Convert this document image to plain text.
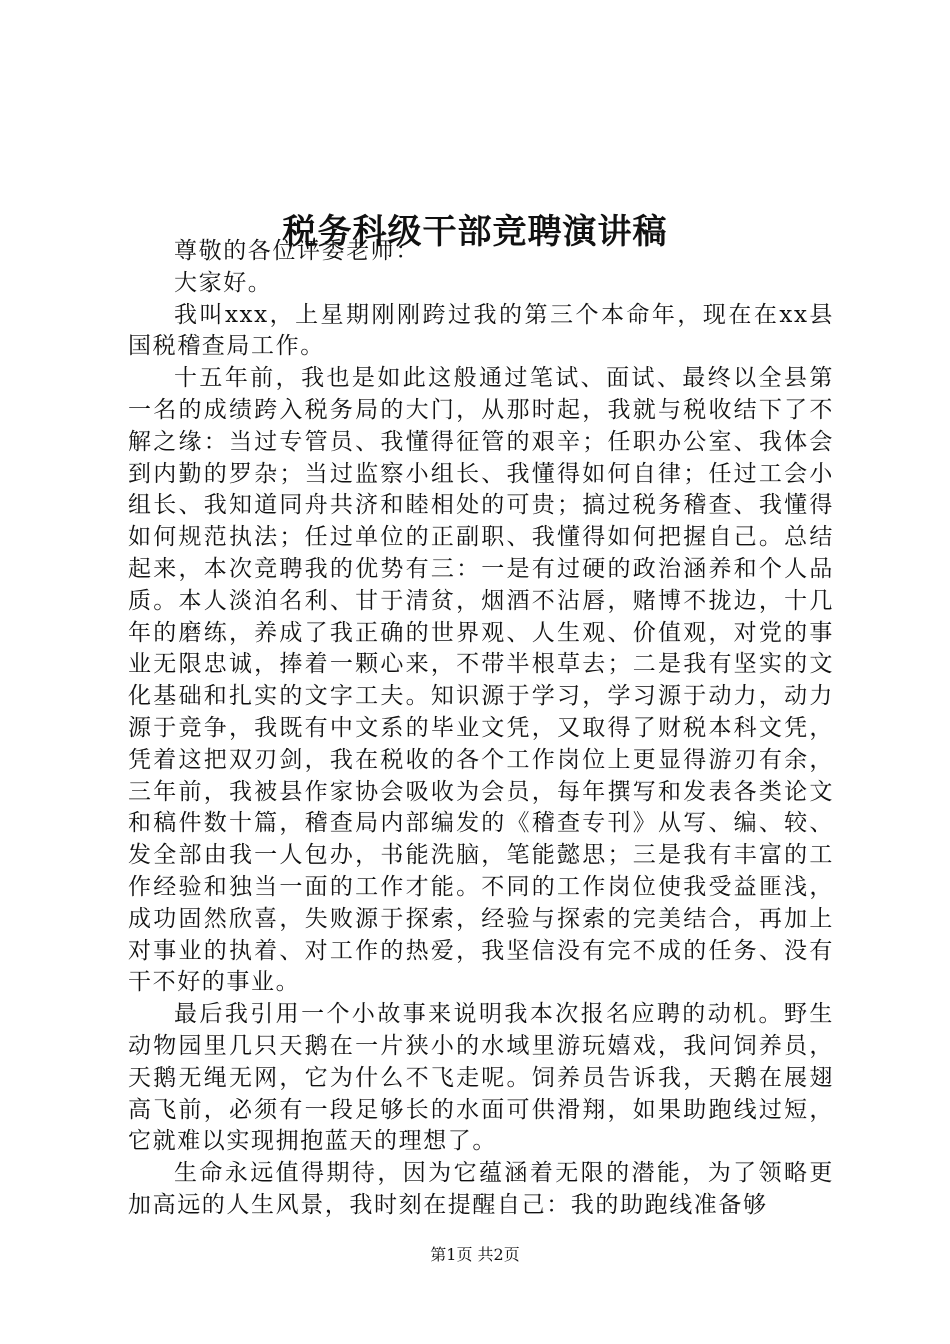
税务科级干部竞聘演讲稿

尊敬的各位评委老师：

大家好。

我叫xxx，上星期刚刚跨过我的第三个本命年，现在在xx县国税稽查局工作。

十五年前，我也是如此这般通过笔试、面试、最终以全县第一名的成绩跨入税务局的大门，从那时起，我就与税收结下了不解之缘：当过专管员、我懂得征管的艰辛；任职办公室、我体会到内勤的罗杂；当过监察小组长、我懂得如何自律；任过工会小组长、我知道同舟共济和睦相处的可贵；搞过税务稽查、我懂得如何规范执法；任过单位的正副职、我懂得如何把握自己。总结起来，本次竞聘我的优势有三：一是有过硬的政治涵养和个人品质。本人淡泊名利、甘于清贫，烟酒不沾唇，赌博不拢边，十几年的磨练，养成了我正确的世界观、人生观、价值观，对党的事业无限忠诚，捧着一颗心来，不带半根草去；二是我有坚实的文化基础和扎实的文字工夫。知识源于学习，学习源于动力，动力源于竞争，我既有中文系的毕业文凭，又取得了财税本科文凭，凭着这把双刃剑，我在税收的各个工作岗位上更显得游刃有余，三年前，我被县作家协会吸收为会员，每年撰写和发表各类论文和稿件数十篇，稽查局内部编发的《稽查专刊》从写、编、较、发全部由我一人包办，书能洗脑，笔能懿思；三是我有丰富的工作经验和独当一面的工作才能。不同的工作岗位使我受益匪浅，成功固然欣喜，失败源于探索，经验与探索的完美结合，再加上对事业的执着、对工作的热爱，我坚信没有完不成的任务、没有干不好的事业。

最后我引用一个小故事来说明我本次报名应聘的动机。野生动物园里几只天鹅在一片狭小的水域里游玩嬉戏，我问饲养员，天鹅无绳无网，它为什么不飞走呢。饲养员告诉我，天鹅在展翅高飞前，必须有一段足够长的水面可供滑翔，如果助跑线过短，它就难以实现拥抱蓝天的理想了。

生命永远值得期待，因为它蕴涵着无限的潜能，为了领略更加高远的人生风景，我时刻在提醒自己：我的助跑线准备够

第1页 共2页
